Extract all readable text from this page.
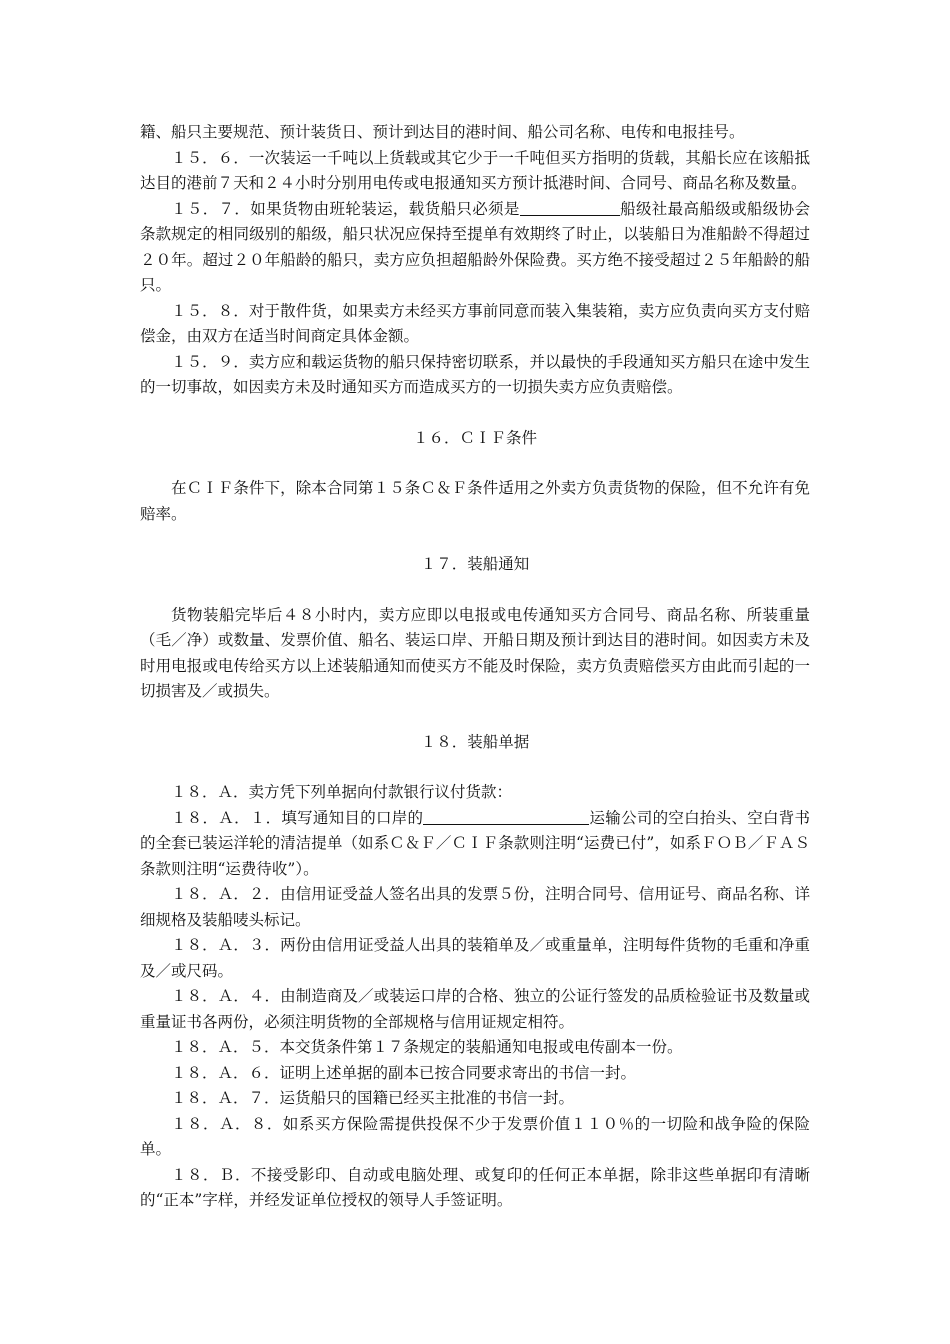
籍、船只主要规范、预计装货日、预计到达目的港时间、船公司名称、电传和电报挂号。

１５．６．一次装运一千吨以上货载或其它少于一千吨但买方指明的货载，其船长应在该船抵达目的港前７天和２４小时分别用电传或电报通知买方预计抵港时间、合同号、商品名称及数量。

１５．７．如果货物由班轮装运，载货船只必须是	船级社最高船级或船级协会条款规定的相同级别的船级，船只状况应保持至提单有效期终了时止，以装船日为准船龄不得超过２０年。超过２０年船龄的船只，卖方应负担超船龄外保险费。买方绝不接受超过２５年船龄的船只。

１５．８．对于散件货，如果卖方未经买方事前同意而装入集装箱，卖方应负责向买方支付赔偿金，由双方在适当时间商定具体金额。

１５．９．卖方应和载运货物的船只保持密切联系，并以最快的手段通知买方船只在途中发生的一切事故，如因卖方未及时通知买方而造成买方的一切损失卖方应负责赔偿。

１６．ＣＩＦ条件

在ＣＩＦ条件下，除本合同第１５条Ｃ＆Ｆ条件适用之外卖方负责货物的保险，但不允许有免赔率。

１７．装船通知

货物装船完毕后４８小时内，卖方应即以电报或电传通知买方合同号、商品名称、所装重量（毛／净）或数量、发票价值、船名、装运口岸、开船日期及预计到达目的港时间。如因卖方未及时用电报或电传给买方以上述装船通知而使买方不能及时保险，卖方负责赔偿买方由此而引起的一切损害及／或损失。

１８．装船单据

１８．Ａ．卖方凭下列单据向付款银行议付货款：

１８．Ａ．１．填写通知目的口岸的	运输公司的空白抬头、空白背书的全套已装运洋轮的清洁提单（如系Ｃ＆Ｆ／ＣＩＦ条款则注明“运费已付”，如系ＦＯＢ／ＦＡＳ条款则注明“运费待收”）。

１８．Ａ．２．由信用证受益人签名出具的发票５份，注明合同号、信用证号、商品名称、详细规格及装船唛头标记。

１８．Ａ．３．两份由信用证受益人出具的装箱单及／或重量单，注明每件货物的毛重和净重及／或尺码。

１８．Ａ．４．由制造商及／或装运口岸的合格、独立的公证行签发的品质检验证书及数量或重量证书各两份，必须注明货物的全部规格与信用证规定相符。

１８．Ａ．５．本交货条件第１７条规定的装船通知电报或电传副本一份。

１８．Ａ．６．证明上述单据的副本已按合同要求寄出的书信一封。

１８．Ａ．７．运货船只的国籍已经买主批准的书信一封。

１８．Ａ．８．如系买方保险需提供投保不少于发票价值１１０％的一切险和战争险的保险单。

１８．Ｂ．不接受影印、自动或电脑处理、或复印的任何正本单据，除非这些单据印有清晰的“正本”字样，并经发证单位授权的领导人手签证明。
